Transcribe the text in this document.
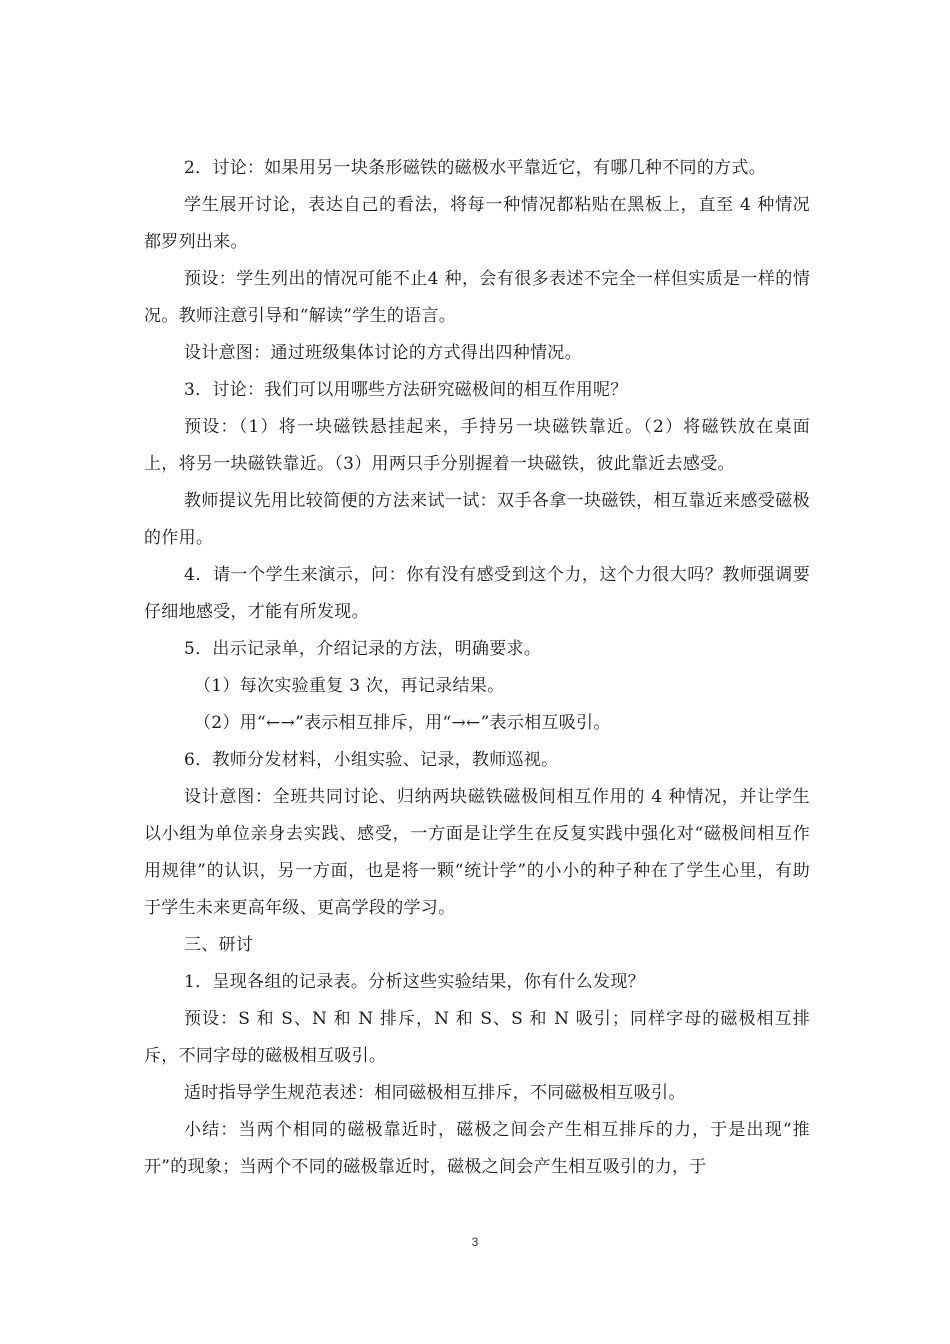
2．讨论：如果用另一块条形磁铁的磁极水平靠近它，有哪几种不同的方式。

学生展开讨论，表达自己的看法，将每一种情况都粘贴在黑板上，直至 4 种情况都罗列出来。

预设：学生列出的情况可能不止4 种，会有很多表述不完全一样但实质是一样的情况。教师注意引导和“解读”学生的语言。

设计意图：通过班级集体讨论的方式得出四种情况。

3．讨论：我们可以用哪些方法研究磁极间的相互作用呢？

预设：（1）将一块磁铁悬挂起来，手持另一块磁铁靠近。（2）将磁铁放在桌面上，将另一块磁铁靠近。（3）用两只手分别握着一块磁铁，彼此靠近去感受。

教师提议先用比较简便的方法来试一试：双手各拿一块磁铁，相互靠近来感受磁极的作用。

4．请一个学生来演示，问：你有没有感受到这个力，这个力很大吗？教师强调要仔细地感受，才能有所发现。

5．出示记录单，介绍记录的方法，明确要求。

（1）每次实验重复 3 次，再记录结果。

（2）用“←→”表示相互排斥，用“→←”表示相互吸引。

6．教师分发材料，小组实验、记录，教师巡视。

设计意图：全班共同讨论、归纳两块磁铁磁极间相互作用的 4 种情况，并让学生以小组为单位亲身去实践、感受，一方面是让学生在反复实践中强化对“磁极间相互作用规律”的认识，另一方面，也是将一颗“统计学”的小小的种子种在了学生心里，有助于学生未来更高年级、更高学段的学习。

三、研讨

1．呈现各组的记录表。分析这些实验结果，你有什么发现？

预设：S 和 S、N 和 N 排斥，N 和 S、S 和 N 吸引；同样字母的磁极相互排斥，不同字母的磁极相互吸引。

适时指导学生规范表述：相同磁极相互排斥，不同磁极相互吸引。

小结：当两个相同的磁极靠近时，磁极之间会产生相互排斥的力，于是出现“推开”的现象；当两个不同的磁极靠近时，磁极之间会产生相互吸引的力，于

3
